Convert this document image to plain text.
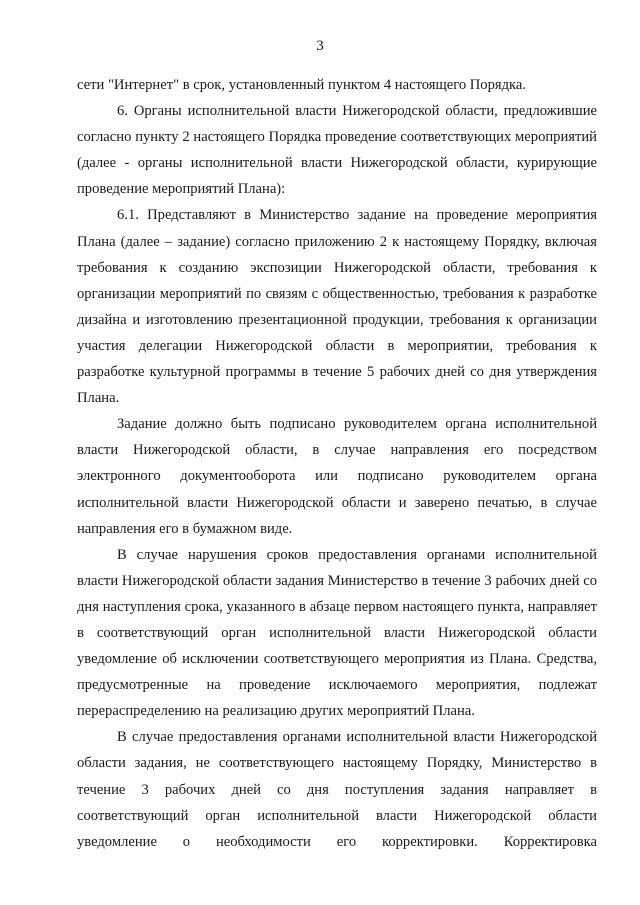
3

сети "Интернет" в срок, установленный пунктом 4 настоящего Порядка.

6. Органы исполнительной власти Нижегородской области, предложившие согласно пункту 2 настоящего Порядка проведение соответствующих мероприятий (далее - органы исполнительной власти Нижегородской области, курирующие проведение мероприятий Плана):

6.1. Представляют в Министерство задание на проведение мероприятия Плана (далее – задание) согласно приложению 2 к настоящему Порядку, включая требования к созданию экспозиции Нижегородской области, требования к организации мероприятий по связям с общественностью, требования к разработке дизайна и изготовлению презентационной продукции, требования к организации участия делегации Нижегородской области в мероприятии, требования к разработке культурной программы в течение 5 рабочих дней со дня утверждения Плана.

Задание должно быть подписано руководителем органа исполнительной власти Нижегородской области, в случае направления его посредством электронного документооборота или подписано руководителем органа исполнительной власти Нижегородской области и заверено печатью, в случае направления его в бумажном виде.

В случае нарушения сроков предоставления органами исполнительной власти Нижегородской области задания Министерство в течение 3 рабочих дней со дня наступления срока, указанного в абзаце первом настоящего пункта, направляет в соответствующий орган исполнительной власти Нижегородской области уведомление об исключении соответствующего мероприятия из Плана. Средства, предусмотренные на проведение исключаемого мероприятия, подлежат перераспределению на реализацию других мероприятий Плана.

В случае предоставления органами исполнительной власти Нижегородской области задания, не соответствующего настоящему Порядку, Министерство в течение 3 рабочих дней со дня поступления задания направляет в соответствующий орган исполнительной власти Нижегородской области уведомление о необходимости его корректировки. Корректировка
